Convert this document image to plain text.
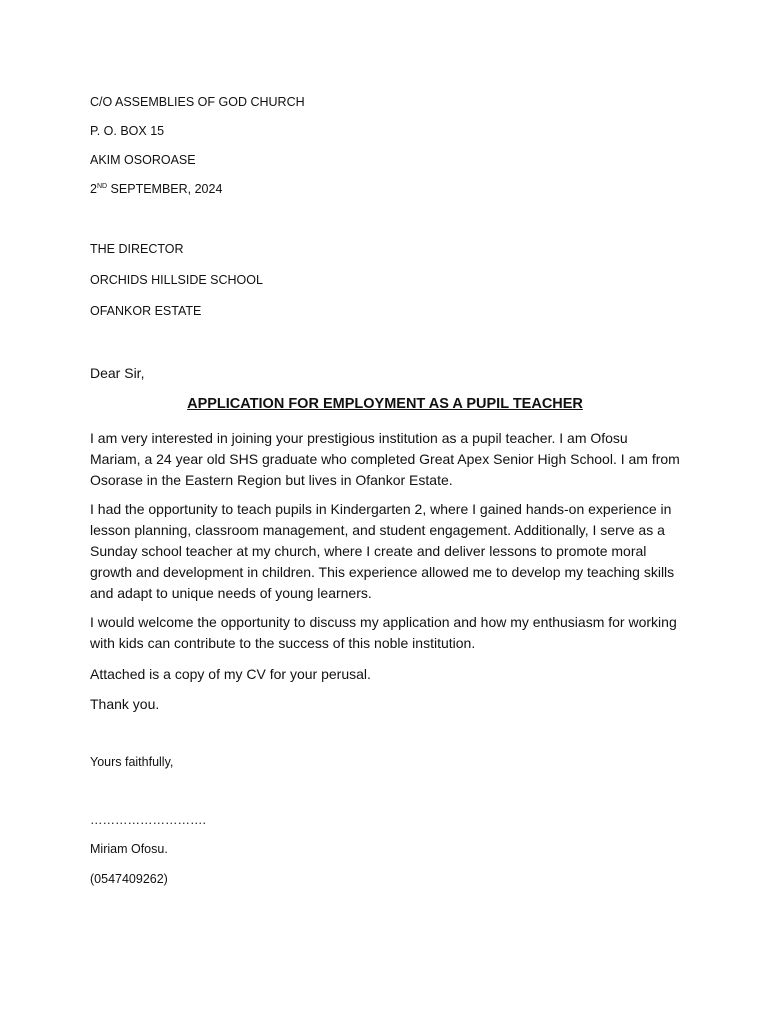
C/O ASSEMBLIES OF GOD CHURCH

P. O. BOX 15

AKIM OSOROASE

2ND SEPTEMBER, 2024

THE DIRECTOR

ORCHIDS HILLSIDE SCHOOL

OFANKOR ESTATE

Dear Sir,

APPLICATION FOR EMPLOYMENT AS A PUPIL TEACHER

I am very interested in joining your prestigious institution as a pupil teacher. I am Ofosu Mariam, a 24 year old SHS graduate who completed Great Apex Senior High School. I am from Osorase in the Eastern Region but lives in Ofankor Estate.

I had the opportunity to teach pupils in Kindergarten 2, where I gained hands-on experience in lesson planning, classroom management, and student engagement. Additionally, I serve as a Sunday school teacher at my church, where I create and deliver lessons to promote moral growth and development in children. This experience allowed me to develop my teaching skills and adapt to unique needs of young learners.

I would welcome the opportunity to discuss my application and how my enthusiasm for working with kids can contribute to the success of this noble institution.

Attached is a copy of my CV for your perusal.

Thank you.

Yours faithfully,

……………………….

Miriam Ofosu.

(0547409262)
